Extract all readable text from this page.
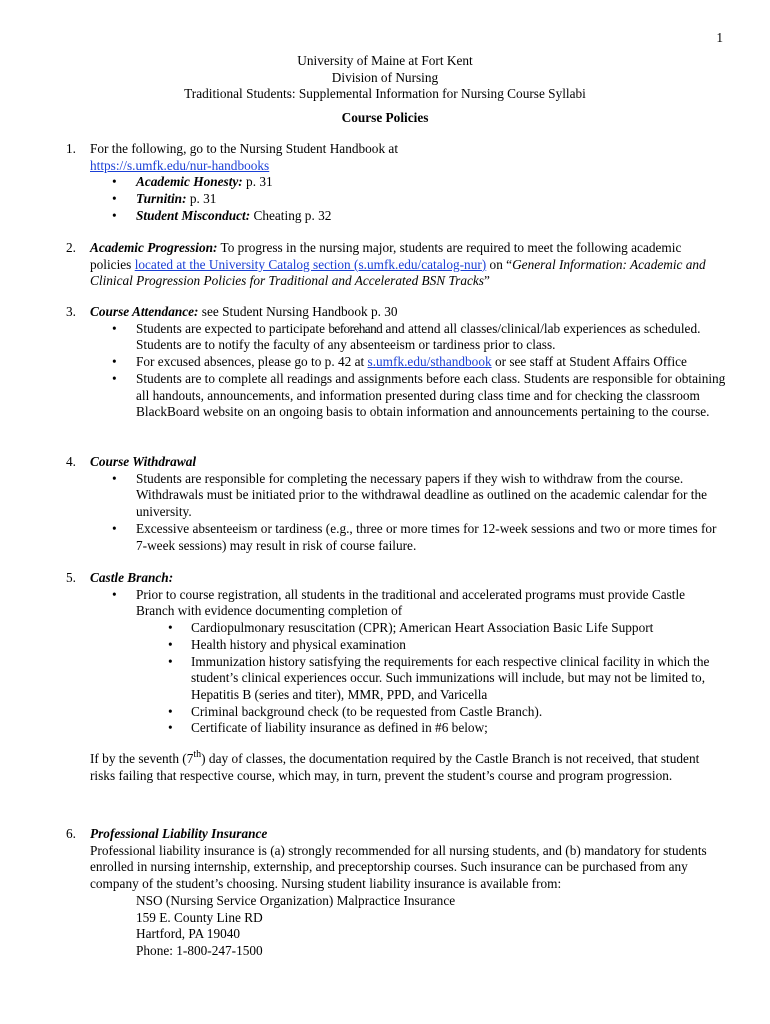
1
University of Maine at Fort Kent
Division of Nursing
Traditional Students: Supplemental Information for Nursing Course Syllabi
Course Policies
1. For the following, go to the Nursing Student Handbook at
https://s.umfk.edu/nur-handbooks
• Academic Honesty: p. 31
• Turnitin: p. 31
• Student Misconduct: Cheating p. 32
2. Academic Progression: To progress in the nursing major, students are required to meet the following academic policies located at the University Catalog section (s.umfk.edu/catalog-nur) on “General Information: Academic and Clinical Progression Policies for Traditional and Accelerated BSN Tracks”
3. Course Attendance: see Student Nursing Handbook p. 30
• Students are expected to participate beforehand and attend all classes/clinical/lab experiences as scheduled. Students are to notify the faculty of any absenteeism or tardiness prior to class.
• For excused absences, please go to p. 42 at s.umfk.edu/sthandbook or see staff at Student Affairs Office
• Students are to complete all readings and assignments before each class. Students are responsible for obtaining all handouts, announcements, and information presented during class time and for checking the classroom BlackBoard website on an ongoing basis to obtain information and announcements pertaining to the course.
4. Course Withdrawal
• Students are responsible for completing the necessary papers if they wish to withdraw from the course. Withdrawals must be initiated prior to the withdrawal deadline as outlined on the academic calendar for the university.
• Excessive absenteeism or tardiness (e.g., three or more times for 12-week sessions and two or more times for 7-week sessions) may result in risk of course failure.
5. Castle Branch:
• Prior to course registration, all students in the traditional and accelerated programs must provide Castle Branch with evidence documenting completion of
• Cardiopulmonary resuscitation (CPR); American Heart Association Basic Life Support
• Health history and physical examination
• Immunization history satisfying the requirements for each respective clinical facility in which the student’s clinical experiences occur. Such immunizations will include, but may not be limited to, Hepatitis B (series and titer), MMR, PPD, and Varicella
• Criminal background check (to be requested from Castle Branch).
• Certificate of liability insurance as defined in #6 below;
If by the seventh (7th) day of classes, the documentation required by the Castle Branch is not received, that student risks failing that respective course, which may, in turn, prevent the student’s course and program progression.
6. Professional Liability Insurance
Professional liability insurance is (a) strongly recommended for all nursing students, and (b) mandatory for students enrolled in nursing internship, externship, and preceptorship courses. Such insurance can be purchased from any company of the student’s choosing. Nursing student liability insurance is available from:
NSO (Nursing Service Organization) Malpractice Insurance
159 E. County Line RD
Hartford, PA 19040
Phone: 1-800-247-1500
